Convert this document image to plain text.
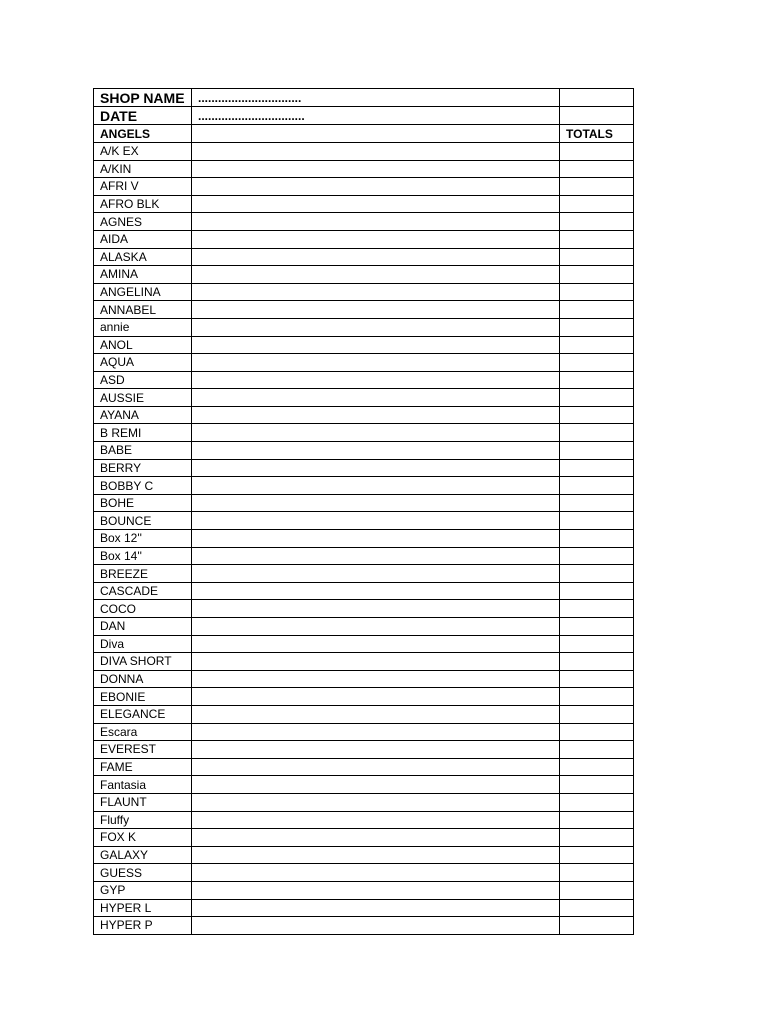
SHOP NAME	...............................	
DATE	................................	
ANGELS		TOTALS
A/K EX		
A/KIN		
AFRI V		
AFRO BLK		
AGNES		
AIDA		
ALASKA		
AMINA		
ANGELINA		
ANNABEL		
annie		
ANOL		
AQUA		
ASD		
AUSSIE		
AYANA		
B REMI		
BABE		
BERRY		
BOBBY C		
BOHE		
BOUNCE		
Box 12''		
Box 14''		
BREEZE		
CASCADE		
COCO		
DAN		
Diva		
DIVA SHORT		
DONNA		
EBONIE		
ELEGANCE		
Escara		
EVEREST		
FAME		
Fantasia		
FLAUNT		
Fluffy		
FOX K		
GALAXY		
GUESS		
GYP		
HYPER L		
HYPER P		
